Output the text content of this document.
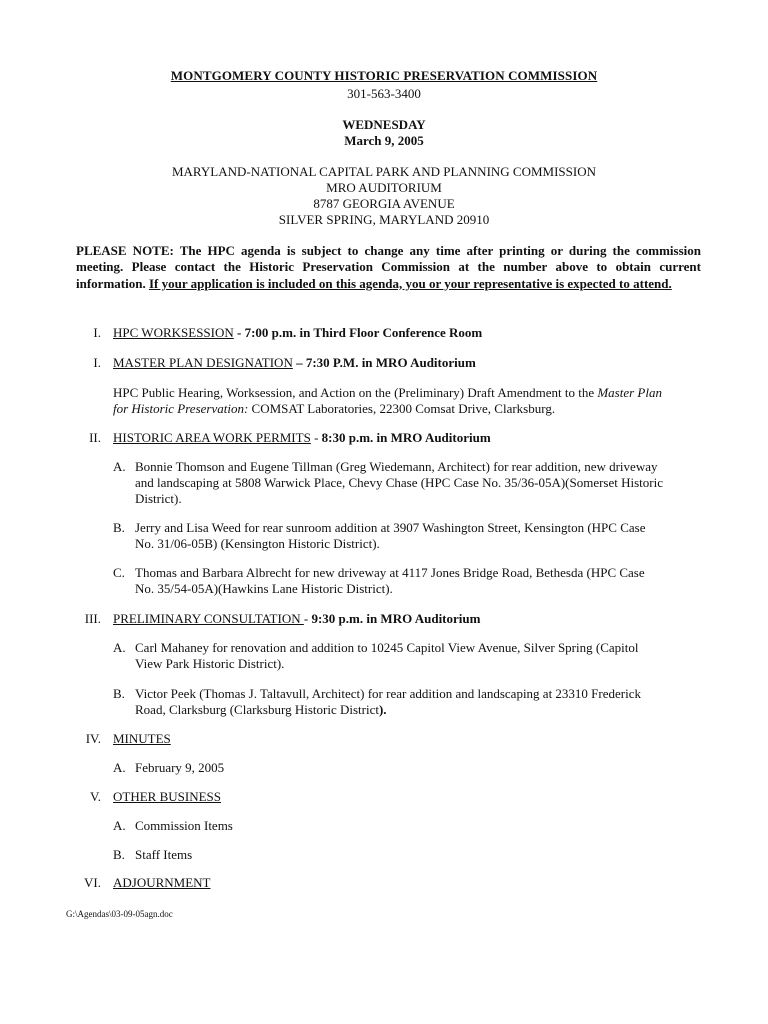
MONTGOMERY COUNTY HISTORIC PRESERVATION COMMISSION
301-563-3400
WEDNESDAY
March 9, 2005
MARYLAND-NATIONAL CAPITAL PARK AND PLANNING COMMISSION
MRO AUDITORIUM
8787 GEORGIA AVENUE
SILVER SPRING, MARYLAND 20910
PLEASE NOTE: The HPC agenda is subject to change any time after printing or during the commission meeting. Please contact the Historic Preservation Commission at the number above to obtain current information. If your application is included on this agenda, you or your representative is expected to attend.
I. HPC WORKSESSION - 7:00 p.m. in Third Floor Conference Room
I. MASTER PLAN DESIGNATION – 7:30 P.M. in MRO Auditorium
HPC Public Hearing, Worksession, and Action on the (Preliminary) Draft Amendment to the Master Plan
for Historic Preservation: COMSAT Laboratories, 22300 Comsat Drive, Clarksburg.
II. HISTORIC AREA WORK PERMITS - 8:30 p.m. in MRO Auditorium
A. Bonnie Thomson and Eugene Tillman (Greg Wiedemann, Architect) for rear addition, new driveway
and landscaping at 5808 Warwick Place, Chevy Chase (HPC Case No. 35/36-05A)(Somerset Historic
District).
B. Jerry and Lisa Weed for rear sunroom addition at 3907 Washington Street, Kensington (HPC Case
No. 31/06-05B) (Kensington Historic District).
C. Thomas and Barbara Albrecht for new driveway at 4117 Jones Bridge Road, Bethesda (HPC Case
No. 35/54-05A)(Hawkins Lane Historic District).
III. PRELIMINARY CONSULTATION - 9:30 p.m. in MRO Auditorium
A. Carl Mahaney for renovation and addition to 10245 Capitol View Avenue, Silver Spring (Capitol
View Park Historic District).
B. Victor Peek (Thomas J. Taltavull, Architect) for rear addition and landscaping at 23310 Frederick
Road, Clarksburg (Clarksburg Historic District).
IV. MINUTES
A. February 9, 2005
V. OTHER BUSINESS
A. Commission Items
B. Staff Items
VI. ADJOURNMENT
G:\Agendas\03-09-05agn.doc
